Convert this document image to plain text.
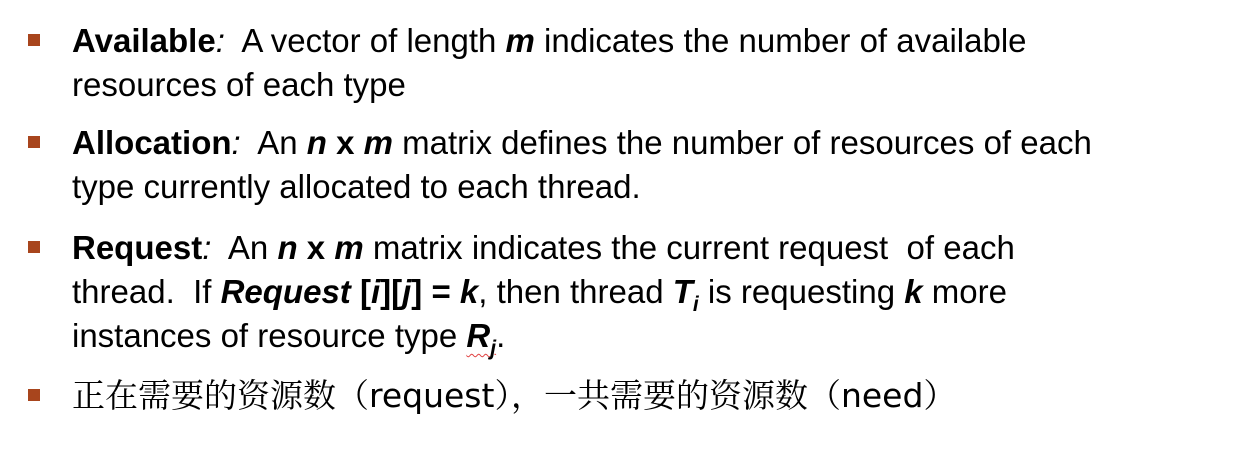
Available:  A vector of length m indicates the number of available
resources of each type
Allocation:  An n x m matrix defines the number of resources of each
type currently allocated to each thread.
Request:  An n x m matrix indicates the current request  of each
thread.  If Request [i][j] = k, then thread $T_i$ is requesting k more
instances of resource type $R_j$.
正在需要的资源数（request），一共需要的资源数（need）
